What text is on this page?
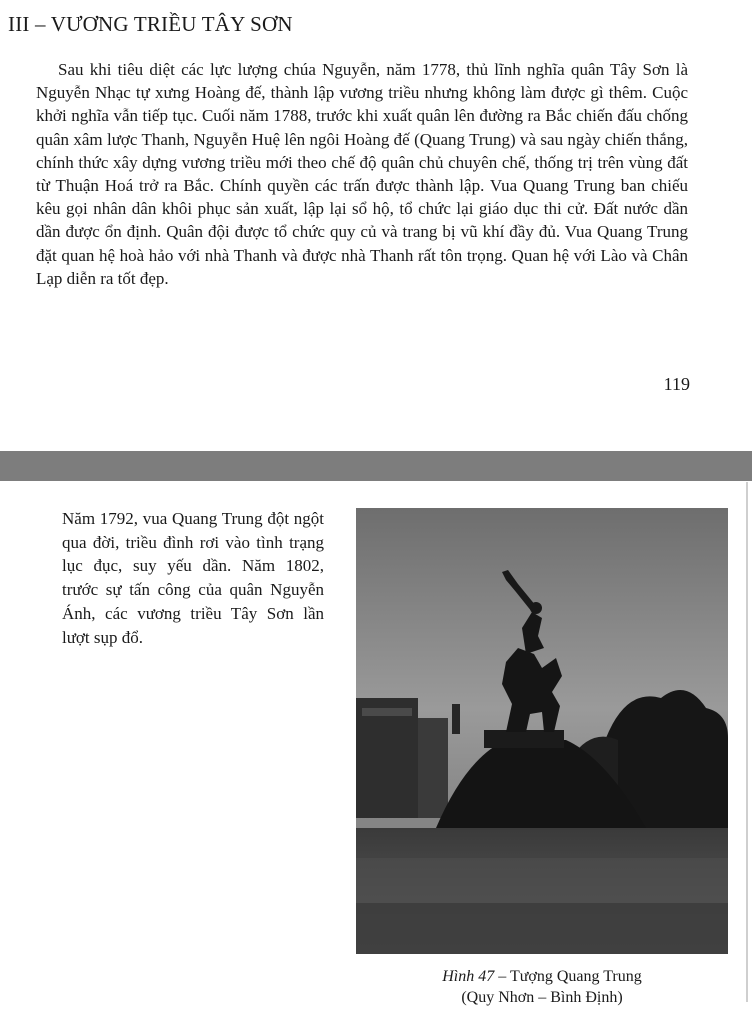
III – VƯƠNG TRIỀU TÂY SƠN

Sau khi tiêu diệt các lực lượng chúa Nguyễn, năm 1778, thủ lĩnh nghĩa quân Tây Sơn là Nguyễn Nhạc tự xưng Hoàng đế, thành lập vương triều nhưng không làm được gì thêm. Cuộc khởi nghĩa vẫn tiếp tục. Cuối năm 1788, trước khi xuất quân lên đường ra Bắc chiến đấu chống quân xâm lược Thanh, Nguyễn Huệ lên ngôi Hoàng đế (Quang Trung) và sau ngày chiến thắng, chính thức xây dựng vương triều mới theo chế độ quân chủ chuyên chế, thống trị trên vùng đất từ Thuận Hoá trở ra Bắc. Chính quyền các trấn được thành lập. Vua Quang Trung ban chiếu kêu gọi nhân dân khôi phục sản xuất, lập lại sổ hộ, tổ chức lại giáo dục thi cử. Đất nước dần dần được ổn định. Quân đội được tổ chức quy củ và trang bị vũ khí đầy đủ. Vua Quang Trung đặt quan hệ hoà hảo với nhà Thanh và được nhà Thanh rất tôn trọng. Quan hệ với Lào và Chân Lạp diễn ra tốt đẹp.

119

Năm 1792, vua Quang Trung đột ngột qua đời, triều đình rơi vào tình trạng lục đục, suy yếu dần. Năm 1802, trước sự tấn công của quân Nguyễn Ánh, các vương triều Tây Sơn lần lượt sụp đổ.

Hình 47 – Tượng Quang Trung
(Quy Nhơn – Bình Định)
